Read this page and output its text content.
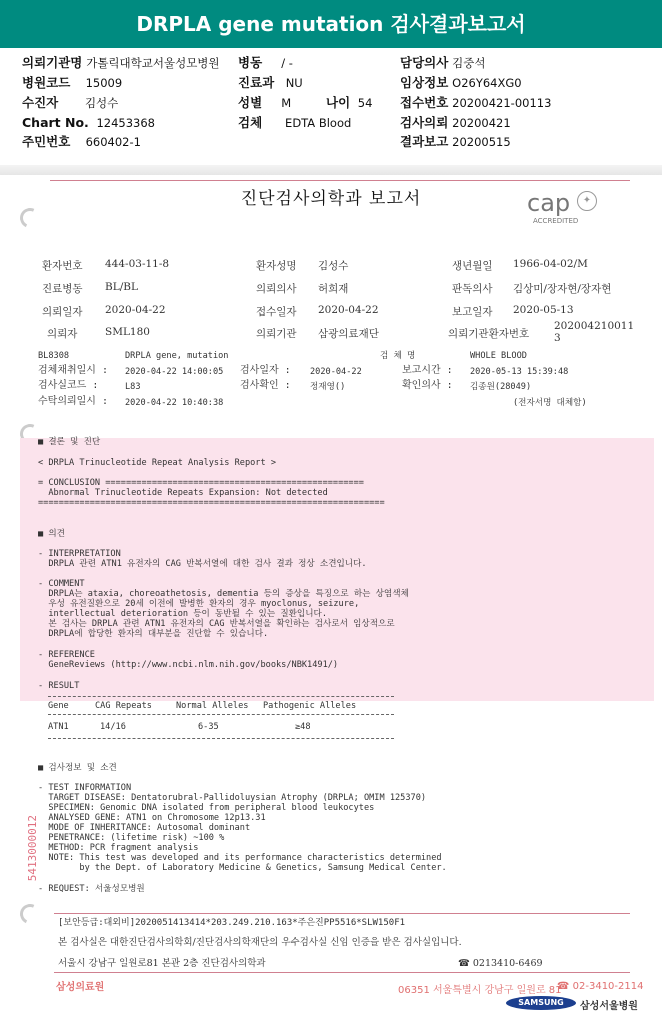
DRPLA gene mutation 검사결과보고서
의뢰기관명 가톨릭대학교서울성모병원 병동 / -	담당의사 김중석
병원코드 15009	진료과 NU	임상정보 O26Y64XG0
수진자 김성수	성별 M	나이 54 접수번호 20200421-00113
Chart No. 12453368	검체 EDTA Blood	검사의뢰 20200421
주민번호 660402-1	결과보고 20200515
진단검사의학과 보고서	cap	✦
ACCREDITED
환자번호 444-03-11-8	환자성명 김성수	생년월일 1966-04-02/M
진료병동 BL/BL	의뢰의사 허희재	판독의사 김상미/장자현/장자현
의뢰일자 2020-04-22	접수일자 2020-04-22	보고일자 2020-05-13
의뢰자	SML180	의뢰기관 삼광의료재단	의뢰기관환자번호
202004210011
3
BL8308	DRPLA gene, mutation	검 체 명	WHOLE BLOOD
검체채취일시 : 2020-04-22 14:00:05 검사일자 : 2020-04-22	보고시간 : 2020-05-13 15:39:48
검사실코드 :	L83	검사확인 : 정재영()	확인의사 : 김종원(28049)
수탁의뢰일시 : 2020-04-22 10:40:38	(전자서명 대체함)
■ 결론 및 진단
< DRPLA Trinucleotide Repeat Analysis Report >
= CONCLUSION ==================================================
Abnormal Trinucleotide Repeats Expansion: Not detected
===================================================================
■ 의견
- INTERPRETATION
DRPLA 관련 ATN1 유전자의 CAG 반복서열에 대한 검사 결과 정상 소견입니다.
- COMMENT
DRPLA는 ataxia, choreoathetosis, dementia 등의 증상을 특징으로 하는 상염색체
우성 유전질환으로 20세 이전에 발병한 환자의 경우 myoclonus, seizure,
interllectual deterioration 등이 동반될 수 있는 질환입니다.
본 검사는 DRPLA 관련 ATN1 유전자의 CAG 반복서열을 확인하는 검사로서 임상적으로
DRPLA에 합당한 환자의 대부분을 진단할 수 있습니다.
- REFERENCE
GeneReviews (http://www.ncbi.nlm.nih.gov/books/NBK1491/)
- RESULT
Gene	CAG Repeats	Normal Alleles Pathogenic Alleles
ATN1	14/16	6-35	≥48
■ 검사정보 및 소견
- TEST INFORMATION
TARGET DISEASE: Dentatorubral-Pallidoluysian Atrophy (DRPLA; OMIM 125370)
SPECIMEN: Genomic DNA isolated from peripheral blood leukocytes
ANALYSED GENE: ATN1 on Chromosome 12p13.31
MODE OF INHERITANCE: Autosomal dominant
PENETRANCE: (lifetime risk) ~100 %
METHOD: PCR fragment analysis
NOTE: This test was developed and its performance characteristics determined
by the Dept. of Laboratory Medicine & Genetics, Samsung Medical Center.
- REQUEST: 서울성모병원
5413000012
[보안등급:대외비]2020051413414*203.249.210.163*주은진PP5516*SLW150F1
본 검사실은 대한진단검사의학회/진단검사의학재단의 우수검사실 신임 인증을 받은 검사실입니다.
서울시 강남구 일원로81 본관 2층 진단검사의학과	☎ 0213410-6469
삼성의료원	06351 서울특별시 강남구 일원로 81
☎ 02-3410-2114
SAMSUNG	삼성서울병원
